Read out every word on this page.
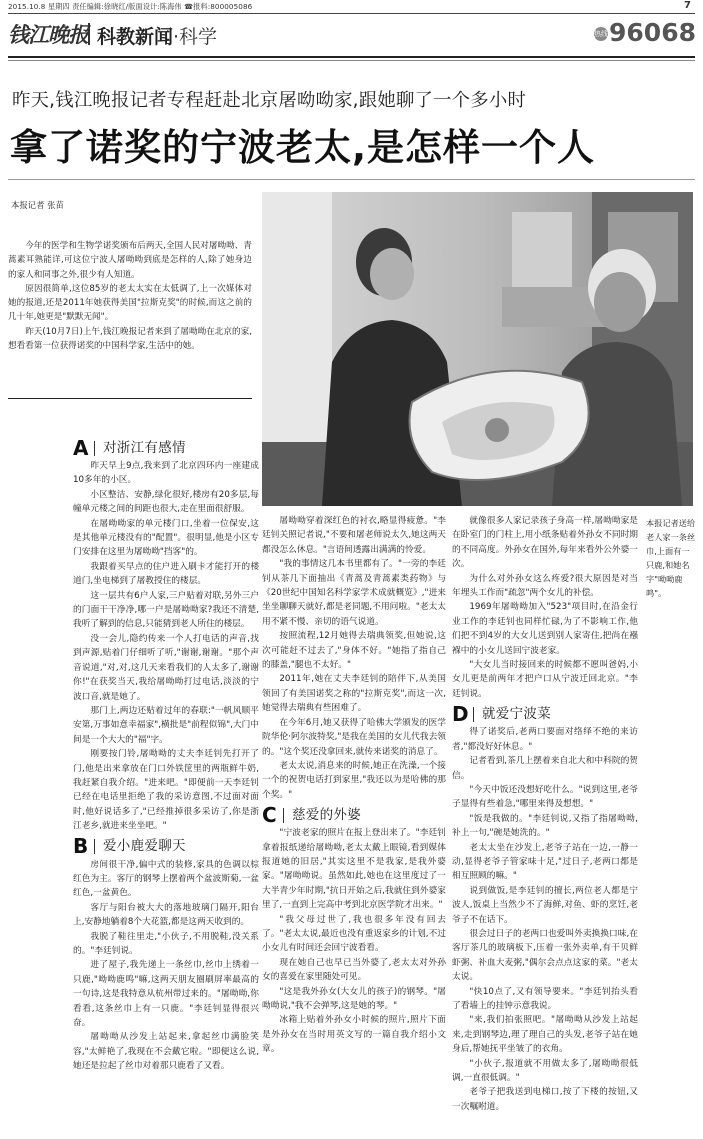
2015.10.8 星期四 责任编辑:徐晓红/版面设计:陈海伟 ☎报料:800005086	7
钱江晚报 科教新闻·科学	热线96068
昨天,钱江晚报记者专程赶赴北京屠呦呦家,跟她聊了一个多小时
拿了诺奖的宁波老太,是怎样一个人
本报记者 张苗

今年的医学和生物学诺奖颁布后两天,全国人民对屠呦呦、青蒿素耳熟能详,可这位宁波人屠呦呦到底是怎样的人,除了她身边的家人和同事之外,很少有人知道。

原因很简单,这位85岁的老太太实在太低调了,上一次媒体对她的报道,还是2011年她获得美国"拉斯克奖"的时候,而这之前的几十年,她更是"默默无闻"。

昨天(10月7日)上午,钱江晚报记者来到了屠呦呦在北京的家,想看看第一位获得诺奖的中国科学家,生活中的她。

A 对浙江有感情

昨天早上9点,我来到了北京四环内一座建成10多年的小区。

小区整洁、安静,绿化很好,楼房有20多层,每幢单元楼之间的间距也很大,走在里面很舒服。

在屠呦呦家的单元楼门口,坐着一位保安,这是其他单元楼没有的"配置"。很明显,他是小区专门安排在这里为屠呦呦"挡客"的。

我跟着买早点的住户进入刷卡才能打开的楼道门,坐电梯到了屠教授住的楼层。

这一层共有6户人家,三户贴着对联,另外三户的门面干干净净,哪一户是屠呦呦家?我还不清楚,我听了解到的信息,只能猜到老人所住的楼层。

没一会儿,隐约传来一个人打电话的声音,找到声源,贴着门仔细听了听,"谢谢,谢谢。"那个声音说道,"对,对,这几天来看我们的人太多了,谢谢你!"在获奖当天,我给屠呦呦打过电话,淡淡的宁波口音,就是她了。

那门上,两边还贴着过年的春联:"一帆风顺平安第,万事如意幸福家",横批是"前程似锦",大门中间是一个大大的"福"字。

刚要按门铃,屠呦呦的丈夫李廷钊先打开了门,他是出来拿放在门口外铁筐里的两瓶鲜牛奶,我赶紧自我介绍。"进来吧。"即便前一天李廷钊已经在电话里拒绝了我的采访意图,不过面对面时,他好说话多了,"已经推掉很多采访了,你是浙江老乡,就进来坐坐吧。"

B 爱小鹿爱聊天

房间很干净,偏中式的装修,家具的色调以棕红色为主。客厅的钢琴上摆着两个盆波斯菊,一盆红色,一盆黄色。

客厅与阳台被大大的落地玻璃门隔开,阳台上,安静地躺着8个大花篮,都是这两天收到的。

我脱了鞋往里走,"小伙子,不用脱鞋,没关系的。"李廷钊说。

进了屋子,我先递上一条丝巾,丝巾上绣着一只鹿,"呦呦鹿鸣"嘛,这两天朋友圈刷屏率最高的一句诗,这是我特意从杭州带过来的。"屠呦呦,你看看,这条丝巾上有一只鹿。"李廷钊显得很兴奋。

屠呦呦从沙发上站起来,拿起丝巾满脸笑容,"太鲜艳了,我现在不会戴它啦。"即便这么说,她还是拉起了丝巾对着那只鹿看了又看。

屠呦呦穿着深红色的衬衣,略显得疲惫。"李廷钊关照记者说,"不要和屠老师说太久,她这两天都没怎么休息。"言语间透露出满满的怜爱。

"我的事情这几本书里都有了。"一旁的李廷钊从茶几下面抽出《青蒿及青蒿素类药物》与《20世纪中国知名科学家学术成就概览》,"进来坐坐聊聊天就好,都是老同题,不用问啦。"老太太用不紧不慢、亲切的语气说道。

按照流程,12月她得去瑞典领奖,但她说,这次可能赶不过去了,"身体不好。"她指了指自己的膝盖,"腿也不太好。"

2011年,她在丈夫李廷钊的陪伴下,从美国领回了有美国诺奖之称的"拉斯克奖",而这一次,她觉得去瑞典有些困难了。

在今年6月,她又获得了哈佛大学颁发的医学院华伦·阿尔波特奖,"是我在美国的女儿代我去领的。"这个奖还没拿回来,就传来诺奖的消息了。

老太太说,消息来的时候,她正在洗澡,一个接一个的祝贺电话打到家里,"我还以为是哈佛的那个奖。"

C 慈爱的外婆

"宁波老家的照片在报上登出来了。"李廷钊拿着报纸递给屠呦呦,老太太戴上眼镜,看到媒体报道她的旧居,"其实这里不是我家,是我外婆家。"屠呦呦说。虽然如此,她也在这里度过了一大半青少年时期,"抗日开始之后,我就住到外婆家里了,一直到上完高中考到北京医学院才出来。"

"我父母过世了,我也很多年没有回去了。"老太太说,最近也没有重返家乡的计划,不过小女儿有时间还会回宁波看看。

现在她自己也早已当外婆了,老太太对外孙女的喜爱在家里随处可见。

"这是我外孙女(大女儿的孩子)的钢琴。"屠呦呦说,"我不会弹琴,这是她的琴。"

冰箱上贴着外孙女小时候的照片,照片下面是外孙女在当时用英文写的一篇自我介绍小文章。

就像很多人家记录孩子身高一样,屠呦呦家是在卧室门的门柱上,用小纸条贴着外孙女不同时期的不同高度。外孙女在国外,每年来看外公外婆一次。

为什么对外孙女这么疼爱?很大原因是对当年埋头工作而"疏忽"两个女儿的补偿。

1969年屠呦呦加入"523"项目时,在沿金行业工作的李廷钊也同样忙碌,为了不影响工作,他们把不到4岁的大女儿送到别人家寄住,把尚在襁褓中的小女儿送回宁波老家。

"大女儿当时接回来的时候都不愿叫爸妈,小女儿更是前两年才把户口从宁波迁回北京。"李廷钊说。

D 就爱宁波菜

得了诺奖后,老两口要面对络绎不绝的来访者,"都没好好休息。"

记者看到,茶几上摆着来自北大和中科院的贺信。

"今天中饭还没想好吃什么。"说到这里,老爷子显得有些着急,"哪里来得及想想。"

"饭是我做的。"李廷钊说,又指了指屠呦呦,补上一句,"碗是她洗的。"

老太太坐在沙发上,老爷子站在一边,一静一动,显得老爷子管家味十足,"过日子,老两口都是相互照顾的嘛。"

说到做饭,是李廷钊的擅长,两位老人都是宁波人,饭桌上当然少不了海鲜,对鱼、虾的烹饪,老爷子不在话下。

很会过日子的老两口也爱叫外卖换换口味,在客厅茶几的玻璃板下,压着一张外卖单,有干贝鲜虾粥、补血大麦粥,"偶尔会点点这家的菜。"老太太说。

"快10点了,又有领导要来。"李廷钊抬头看了看墙上的挂钟示意我说。

"来,我们拍张照吧。"屠呦呦从沙发上站起来,走到钢琴边,理了理自己的头发,老爷子站在她身后,帮她抚平坐皱了的衣角。

"小伙子,报道就不用做太多了,屠呦呦很低调,一直很低调。"

老爷子把我送到电梯口,按了下楼的按钮,又一次嘱咐道。

本报记者送给老人家一条丝巾,上面有一只鹿,和她名字"呦呦鹿鸣"。
